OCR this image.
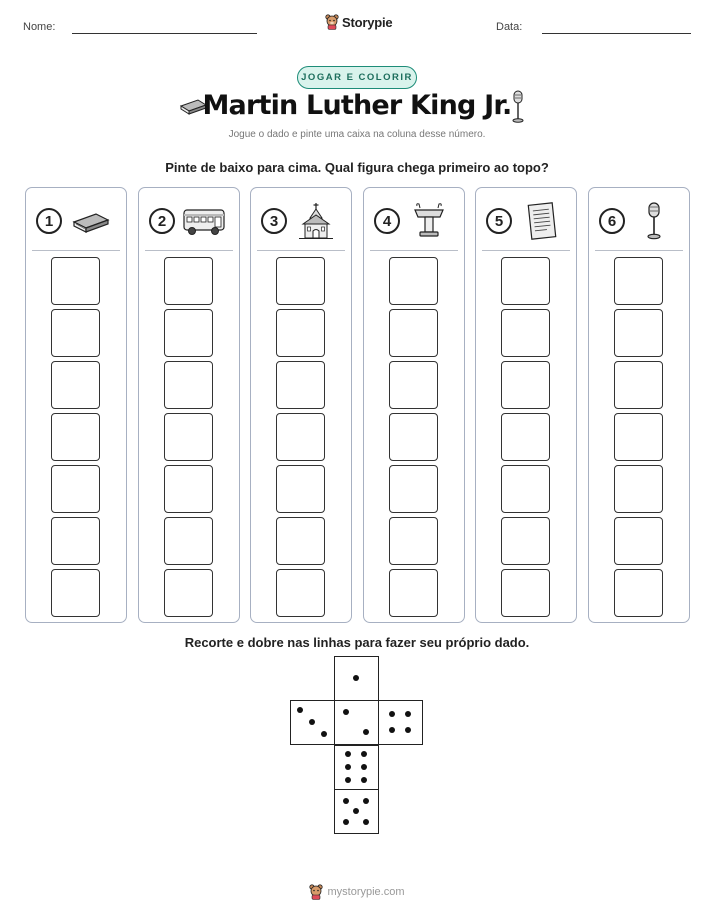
Nome:	Storypie	Data:
JOGAR E COLORIR
Martin Luther King Jr.
Jogue o dado e pinte uma caixa na coluna desse número.
Pinte de baixo para cima. Qual figura chega primeiro ao topo?
1	2	3	4	5	6
Recorte e dobre nas linhas para fazer seu próprio dado.
mystorypie.com
